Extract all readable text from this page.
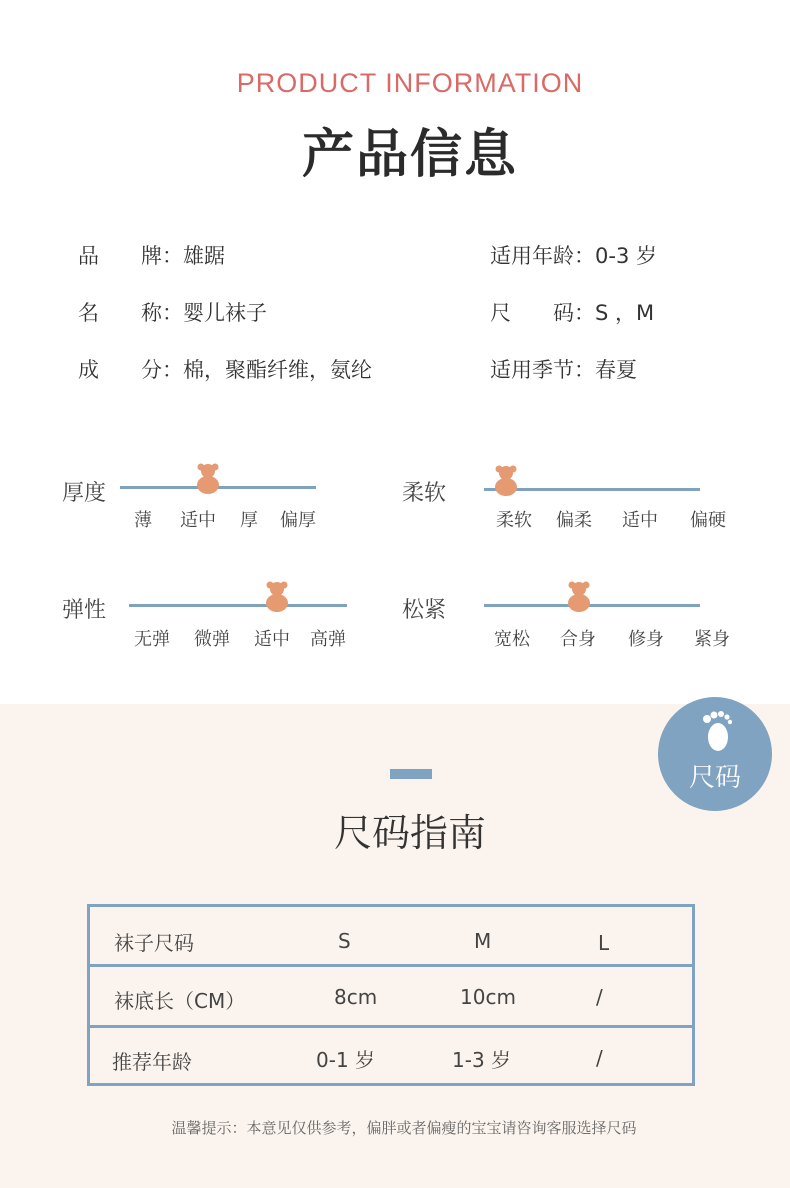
PRODUCT INFORMATION
产品信息
品　　牌：雄踞	适用年龄：0-3 岁
名　　称：婴儿袜子	尺　　码：S ，M
成　　分：棉，聚酯纤维，氨纶	适用季节：春夏
厚度
薄 适中 厚 偏厚
柔软
柔软 偏柔 适中 偏硬
弹性
无弹 微弹 适中 高弹
松紧
宽松 合身 修身 紧身
尺码
尺码指南
袜子尺码	S	M	L
袜底长（CM）	8cm	10cm	/
推荐年龄	0-1 岁	1-3 岁	/
温馨提示：本意见仅供参考，偏胖或者偏瘦的宝宝请咨询客服选择尺码
